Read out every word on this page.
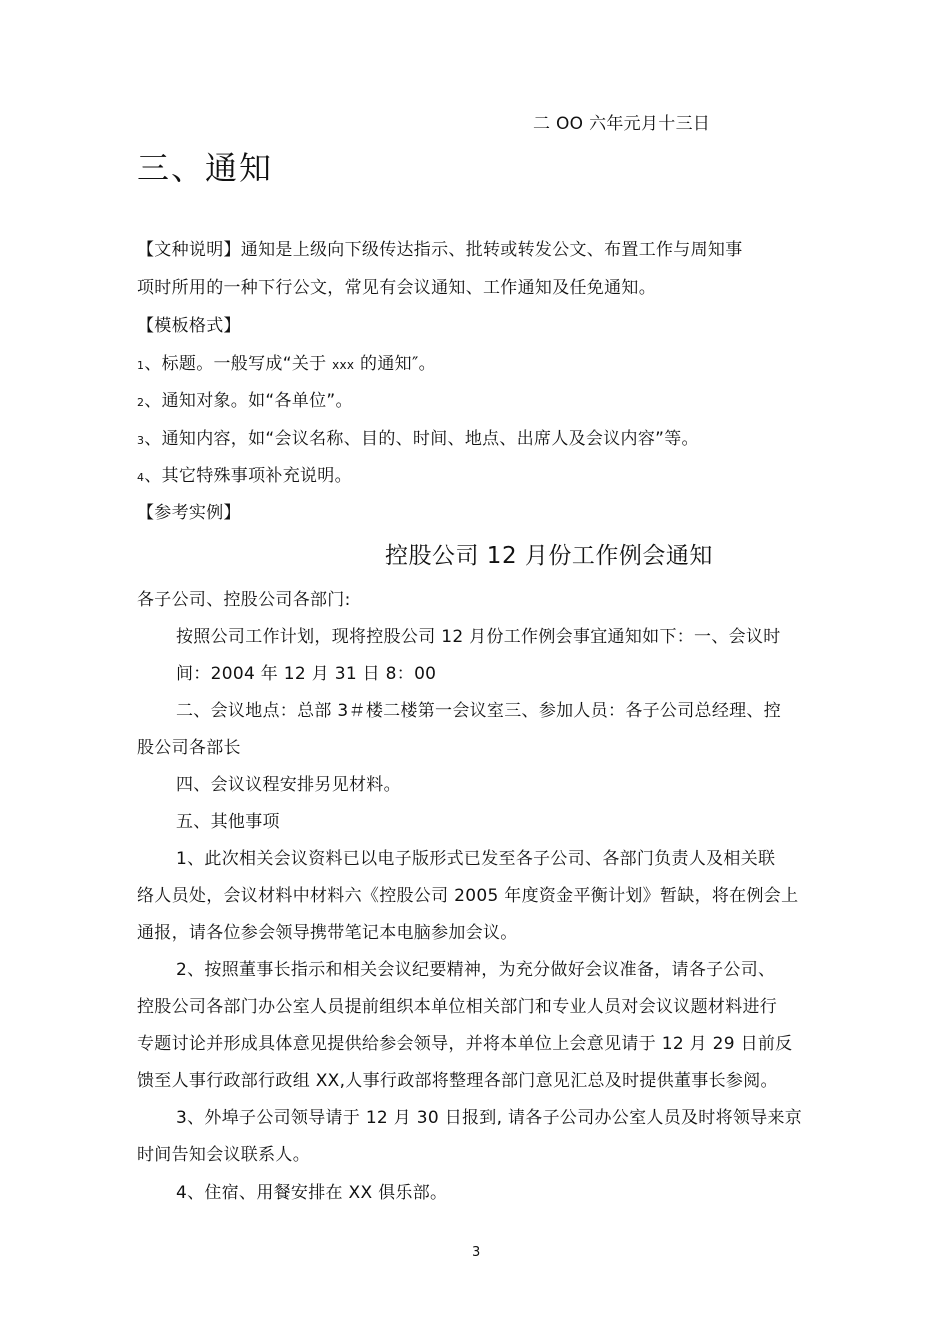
二 OO 六年元月十三日
三、通知
【文种说明】通知是上级向下级传达指示、批转或转发公文、布置工作与周知事
项时所用的一种下行公文，常见有会议通知、工作通知及任免通知。
【模板格式】
1、标题。一般写成“关于 xxx 的通知″。
2、通知对象。如“各单位”。
3、通知内容，如“会议名称、目的、时间、地点、出席人及会议内容”等。
4、其它特殊事项补充说明。
【参考实例】
控股公司 12 月份工作例会通知
各子公司、控股公司各部门:
按照公司工作计划，现将控股公司 12 月份工作例会事宜通知如下：一、会议时
间：2004 年 12 月 31 日 8：00
二、会议地点：总部 3＃楼二楼第一会议室三、参加人员：各子公司总经理、控
股公司各部长
四、会议议程安排另见材料。
五、其他事项
1、此次相关会议资料已以电子版形式已发至各子公司、各部门负责人及相关联
络人员处，会议材料中材料六《控股公司 2005 年度资金平衡计划》暂缺，将在例会上
通报，请各位参会领导携带笔记本电脑参加会议。
2、按照董事长指示和相关会议纪要精神，为充分做好会议准备，请各子公司、
控股公司各部门办公室人员提前组织本单位相关部门和专业人员对会议议题材料进行
专题讨论并形成具体意见提供给参会领导，并将本单位上会意见请于 12 月 29 日前反
馈至人事行政部行政组 XX,人事行政部将整理各部门意见汇总及时提供董事长参阅。
3、外埠子公司领导请于 12 月 30 日报到, 请各子公司办公室人员及时将领导来京
时间告知会议联系人。
4、住宿、用餐安排在 XX 俱乐部。
3
